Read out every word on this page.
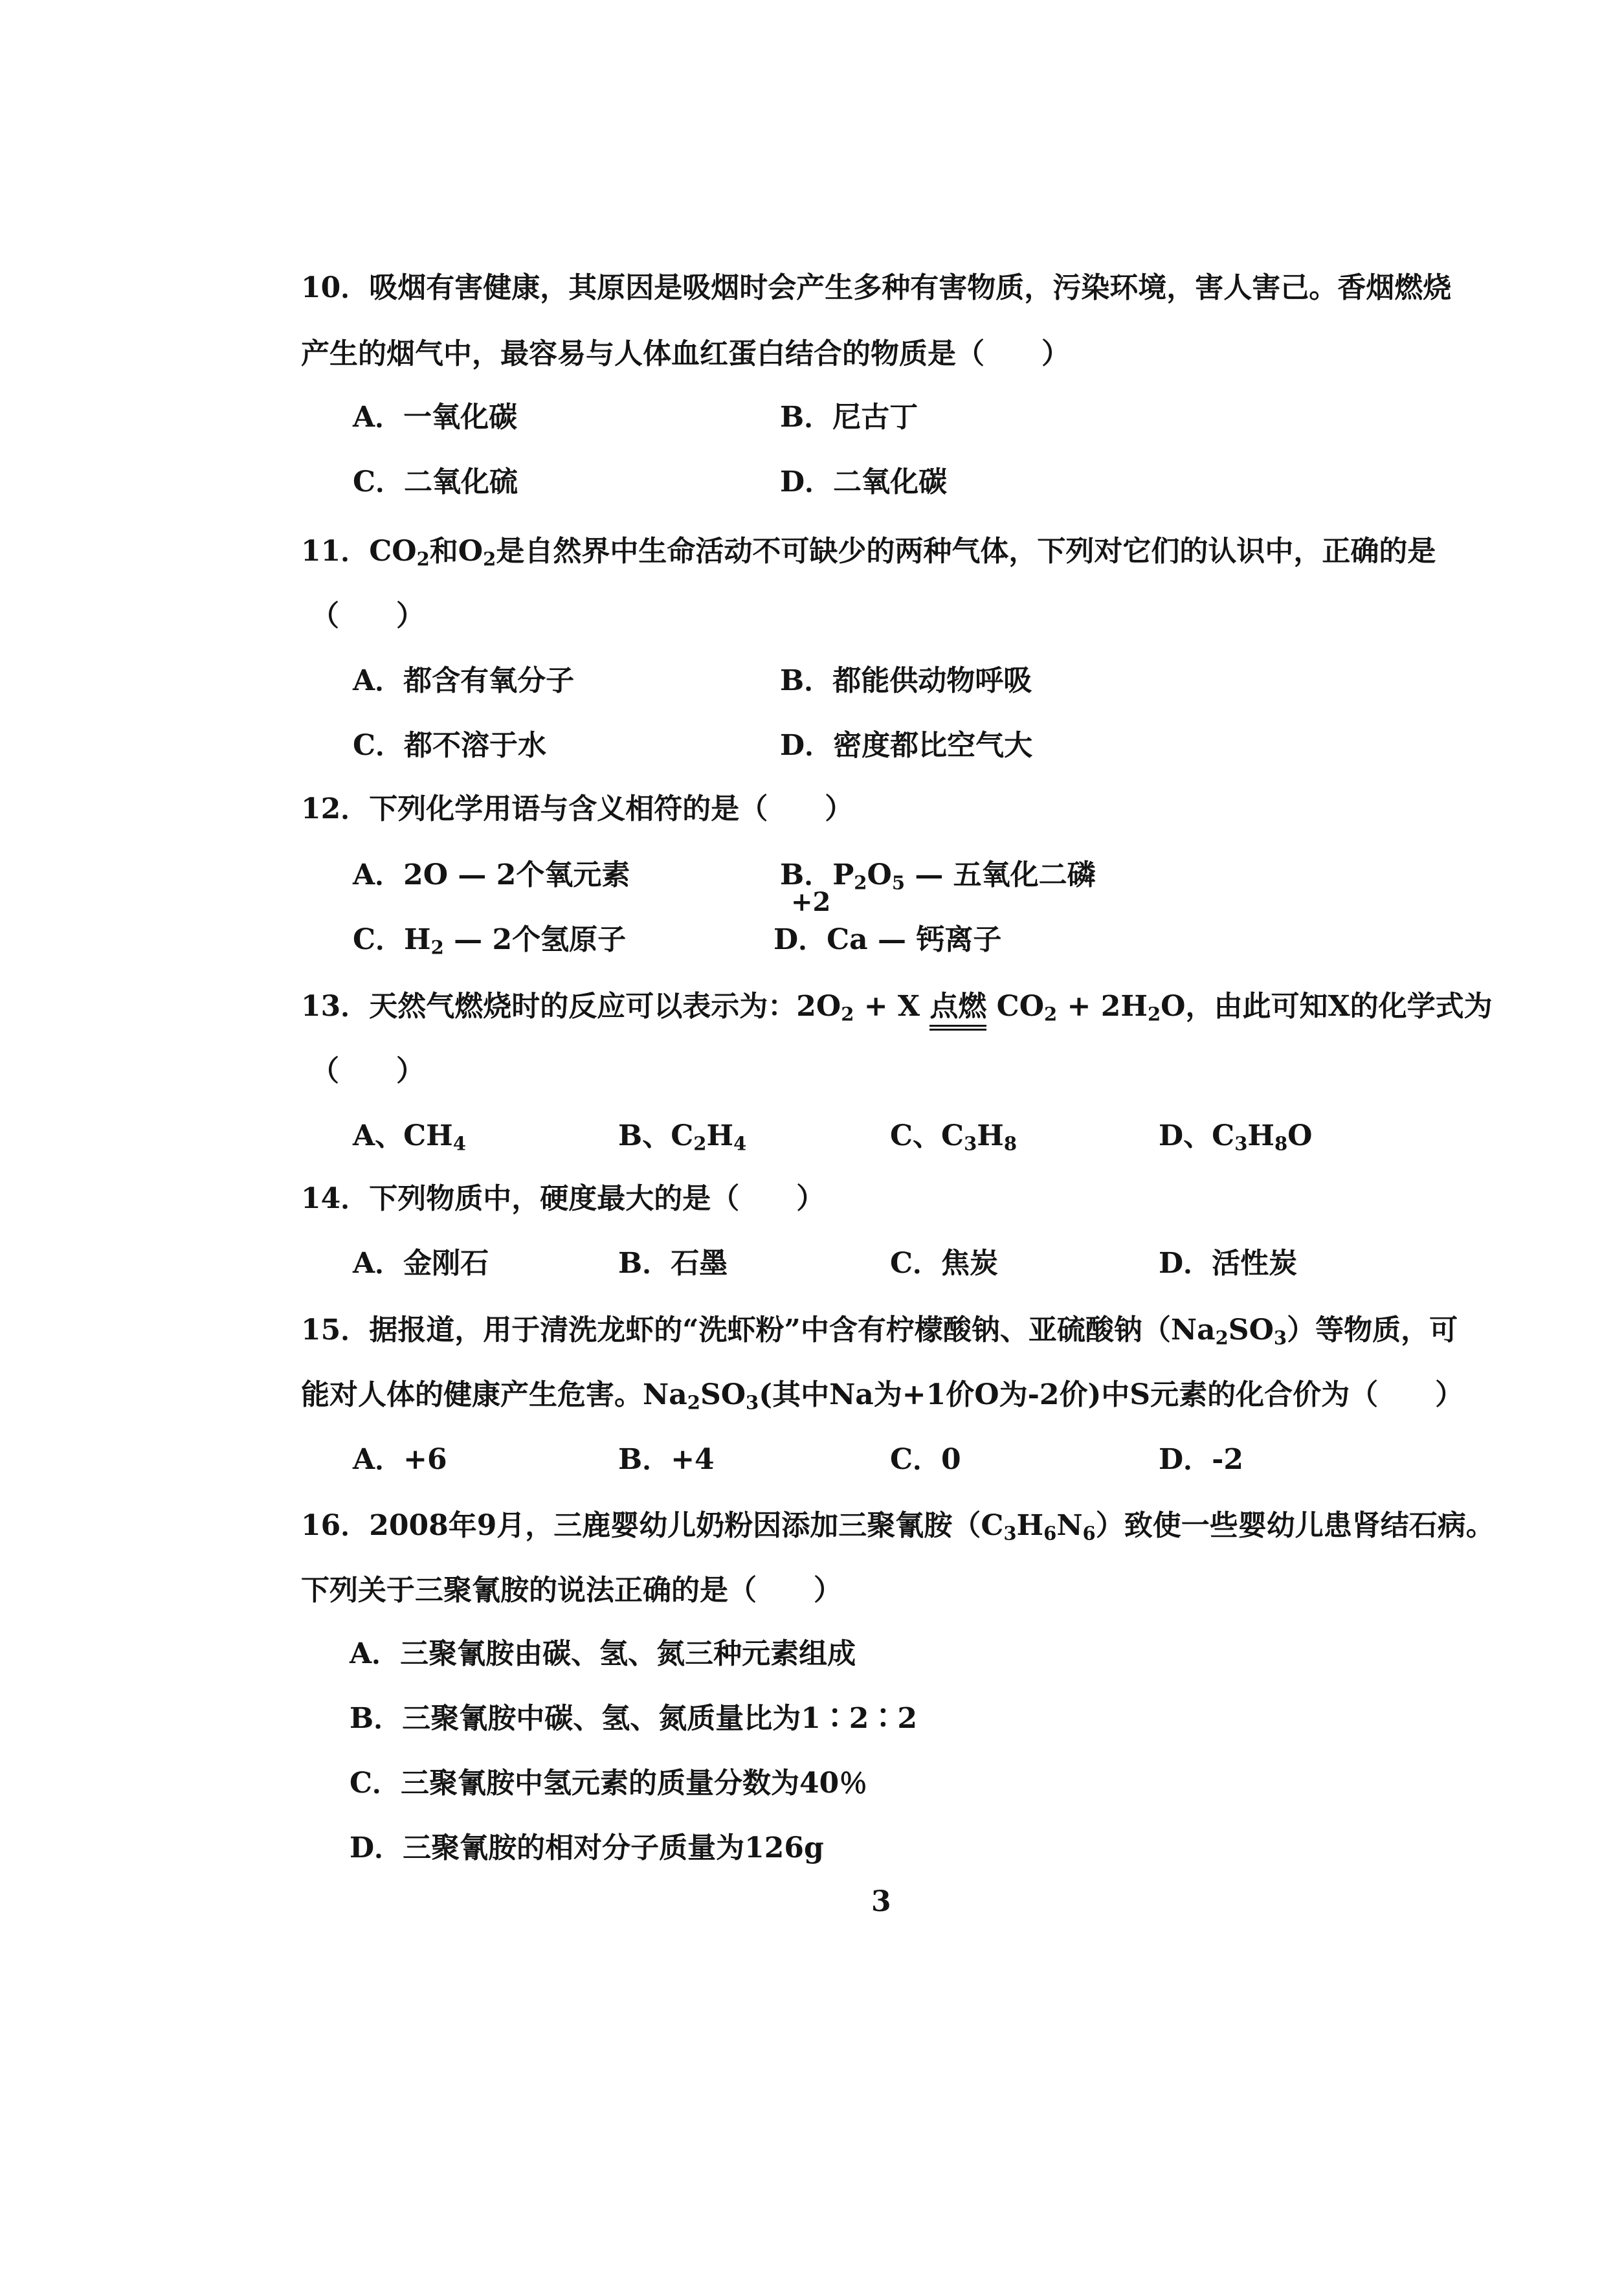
10．吸烟有害健康，其原因是吸烟时会产生多种有害物质，污染环境，害人害己。香烟燃烧
产生的烟气中，最容易与人体血红蛋白结合的物质是（　　）
A．一氧化碳	B．尼古丁
C．二氧化硫	D．二氧化碳
11．$CO_2$和$O_2$是自然界中生命活动不可缺少的两种气体，下列对它们的认识中，正确的是
（　　）
A．都含有氧分子	B．都能供动物呼吸
C．都不溶于水	D．密度都比空气大
12．下列化学用语与含义相符的是（　　）
A．2O — 2个氧元素	B．$P_2O_5$ — 五氧化二磷
+2
C．$H_2$ — 2个氢原子	D．Ca — 钙离子
13．天然气燃烧时的反应可以表示为：$2O_2 + X$ 点燃 $CO_2 + 2H_2O$，由此可知X的化学式为
（　　）
A、$CH_4$	B、$C_2H_4$	C、$C_3H_8$	D、$C_3H_8O$
14．下列物质中，硬度最大的是（　　）
A．金刚石	B．石墨	C．焦炭	D．活性炭
15．据报道，用于清洗龙虾的“洗虾粉”中含有柠檬酸钠、亚硫酸钠$(Na_2SO_3)$等物质，可
能对人体的健康产生危害。$Na_2SO_3$(其中Na为+1价O为-2价)中S元素的化合价为（　　）
A．+6	B．+4	C．0	D．-2
16．2008年9月，三鹿婴幼儿奶粉因添加三聚氰胺$(C_3H_6N_6)$致使一些婴幼儿患肾结石病。
下列关于三聚氰胺的说法正确的是（　　）
A．三聚氰胺由碳、氢、氮三种元素组成
B．三聚氰胺中碳、氢、氮质量比为1∶2∶2
C．三聚氰胺中氢元素的质量分数为40％
D．三聚氰胺的相对分子质量为126g
3
